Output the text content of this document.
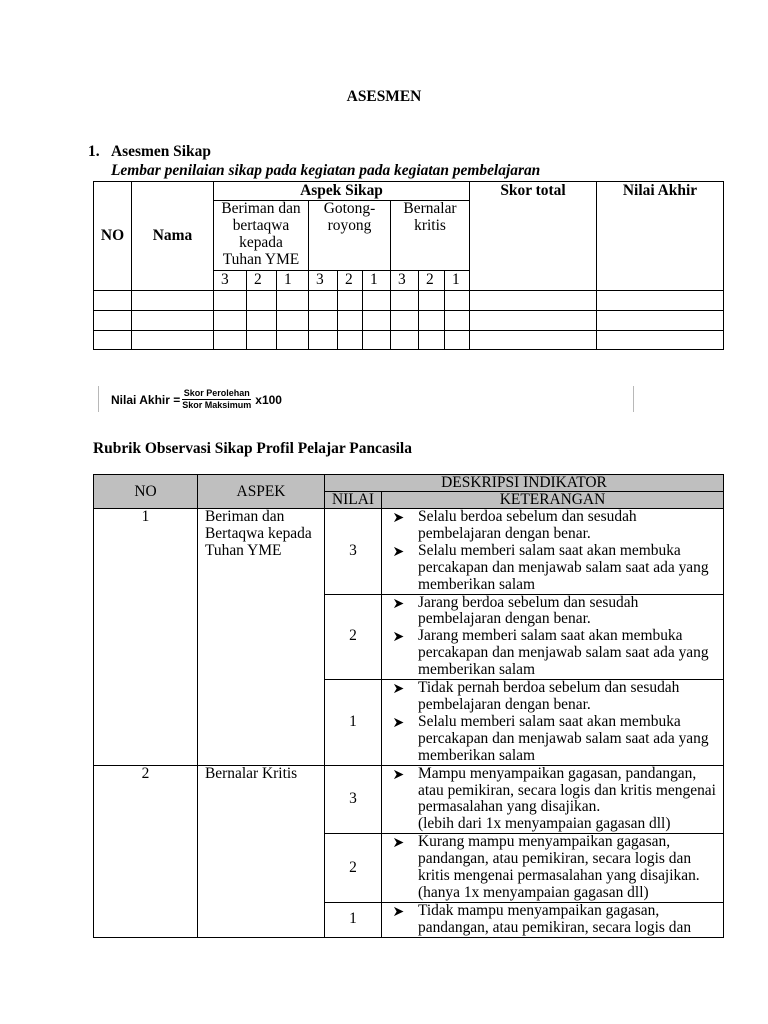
ASESMEN
1. Asesmen Sikap
Lembar penilaian sikap pada kegiatan pada kegiatan pembelajaran
NO	Nama	Aspek Sikap									Skor total	Nilai Akhir
		Beriman dan bertaqwa kepada Tuhan YME			Gotong-royong			Bernalar kritis				
		3	2	1	3	2	1	3	2	1		

Nilai Akhir = $\frac{\text{Skor Perolehan}}{\text{Skor Maksimum}} x100$
Rubrik Observasi Sikap Profil Pelajar Pancasila
NO	ASPEK	DESKRIPSI INDIKATOR	
		NILAI	KETERANGAN
1	Beriman dan Bertaqwa kepada Tuhan YME	3	Selalu berdoa sebelum dan sesudah pembelajaran dengan benar.
Selalu memberi salam saat akan membuka percakapan dan menjawab salam saat ada yang memberikan salam

		2	Jarang berdoa sebelum dan sesudah pembelajaran dengan benar.
Jarang memberi salam saat akan membuka percakapan dan menjawab salam saat ada yang memberikan salam

		1	Tidak pernah berdoa sebelum dan sesudah pembelajaran dengan benar.
Selalu memberi salam saat akan membuka percakapan dan menjawab salam saat ada yang memberikan salam

2	Bernalar Kritis	3	Mampu menyampaikan gagasan, pandangan, atau pemikiran, secara logis dan kritis mengenai permasalahan yang disajikan.
(lebih dari 1x menyampaian gagasan dll)

		2	Kurang mampu menyampaikan gagasan, pandangan, atau pemikiran, secara logis dan kritis mengenai permasalahan yang disajikan.
(hanya 1x menyampaian gagasan dll)

		1	Tidak mampu menyampaikan gagasan, pandangan, atau pemikiran, secara logis dan
